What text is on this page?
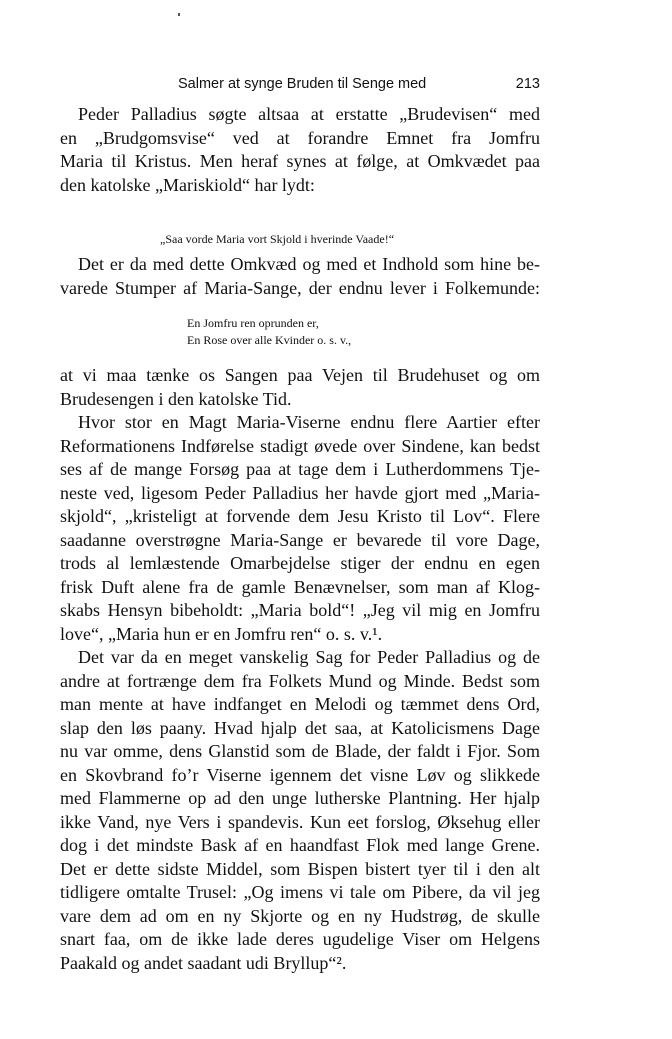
Salmer at synge Bruden til Senge med	213
Peder Palladius søgte altsaa at erstatte „Brudevisen“ med
en „Brudgomsvise“ ved at forandre Emnet fra Jomfru
Maria til Kristus. Men heraf synes at følge, at Omkvædet paa
den katolske „Mariskiold“ har lydt:
„Saa vorde Maria vort Skjold i hverinde Vaade!“
Det er da med dette Omkvæd og med et Indhold som hine be-
varede Stumper af Maria-Sange, der endnu lever i Folkemunde:
En Jomfru ren oprunden er,
En Rose over alle Kvinder o. s. v.,
at vi maa tænke os Sangen paa Vejen til Brudehuset og om
Brudesengen i den katolske Tid.
Hvor stor en Magt Maria-Viserne endnu flere Aartier efter
Reformationens Indførelse stadigt øvede over Sindene, kan bedst
ses af de mange Forsøg paa at tage dem i Lutherdommens Tje-
neste ved, ligesom Peder Palladius her havde gjort med „Maria-
skjold“, „kristeligt at forvende dem Jesu Kristo til Lov“. Flere
saadanne overstrøgne Maria-Sange er bevarede til vore Dage,
trods al lemlæstende Omarbejdelse stiger der endnu en egen
frisk Duft alene fra de gamle Benævnelser, som man af Klog-
skabs Hensyn bibeholdt: „Maria bold“! „Jeg vil mig en Jomfru
love“, „Maria hun er en Jomfru ren“ o. s. v.¹.
Det var da en meget vanskelig Sag for Peder Palladius og de
andre at fortrænge dem fra Folkets Mund og Minde. Bedst som
man mente at have indfanget en Melodi og tæmmet dens Ord,
slap den løs paany. Hvad hjalp det saa, at Katolicismens Dage
nu var omme, dens Glanstid som de Blade, der faldt i Fjor. Som
en Skovbrand fo’r Viserne igennem det visne Løv og slikkede
med Flammerne op ad den unge lutherske Plantning. Her hjalp
ikke Vand, nye Vers i spandevis. Kun eet forslog, Øksehug eller
dog i det mindste Bask af en haandfast Flok med lange Grene.
Det er dette sidste Middel, som Bispen bistert tyer til i den alt
tidligere omtalte Trusel: „Og imens vi tale om Pibere, da vil jeg
vare dem ad om en ny Skjorte og en ny Hudstrøg, de skulle
snart faa, om de ikke lade deres ugudelige Viser om Helgens
Paakald og andet saadant udi Bryllup“².
